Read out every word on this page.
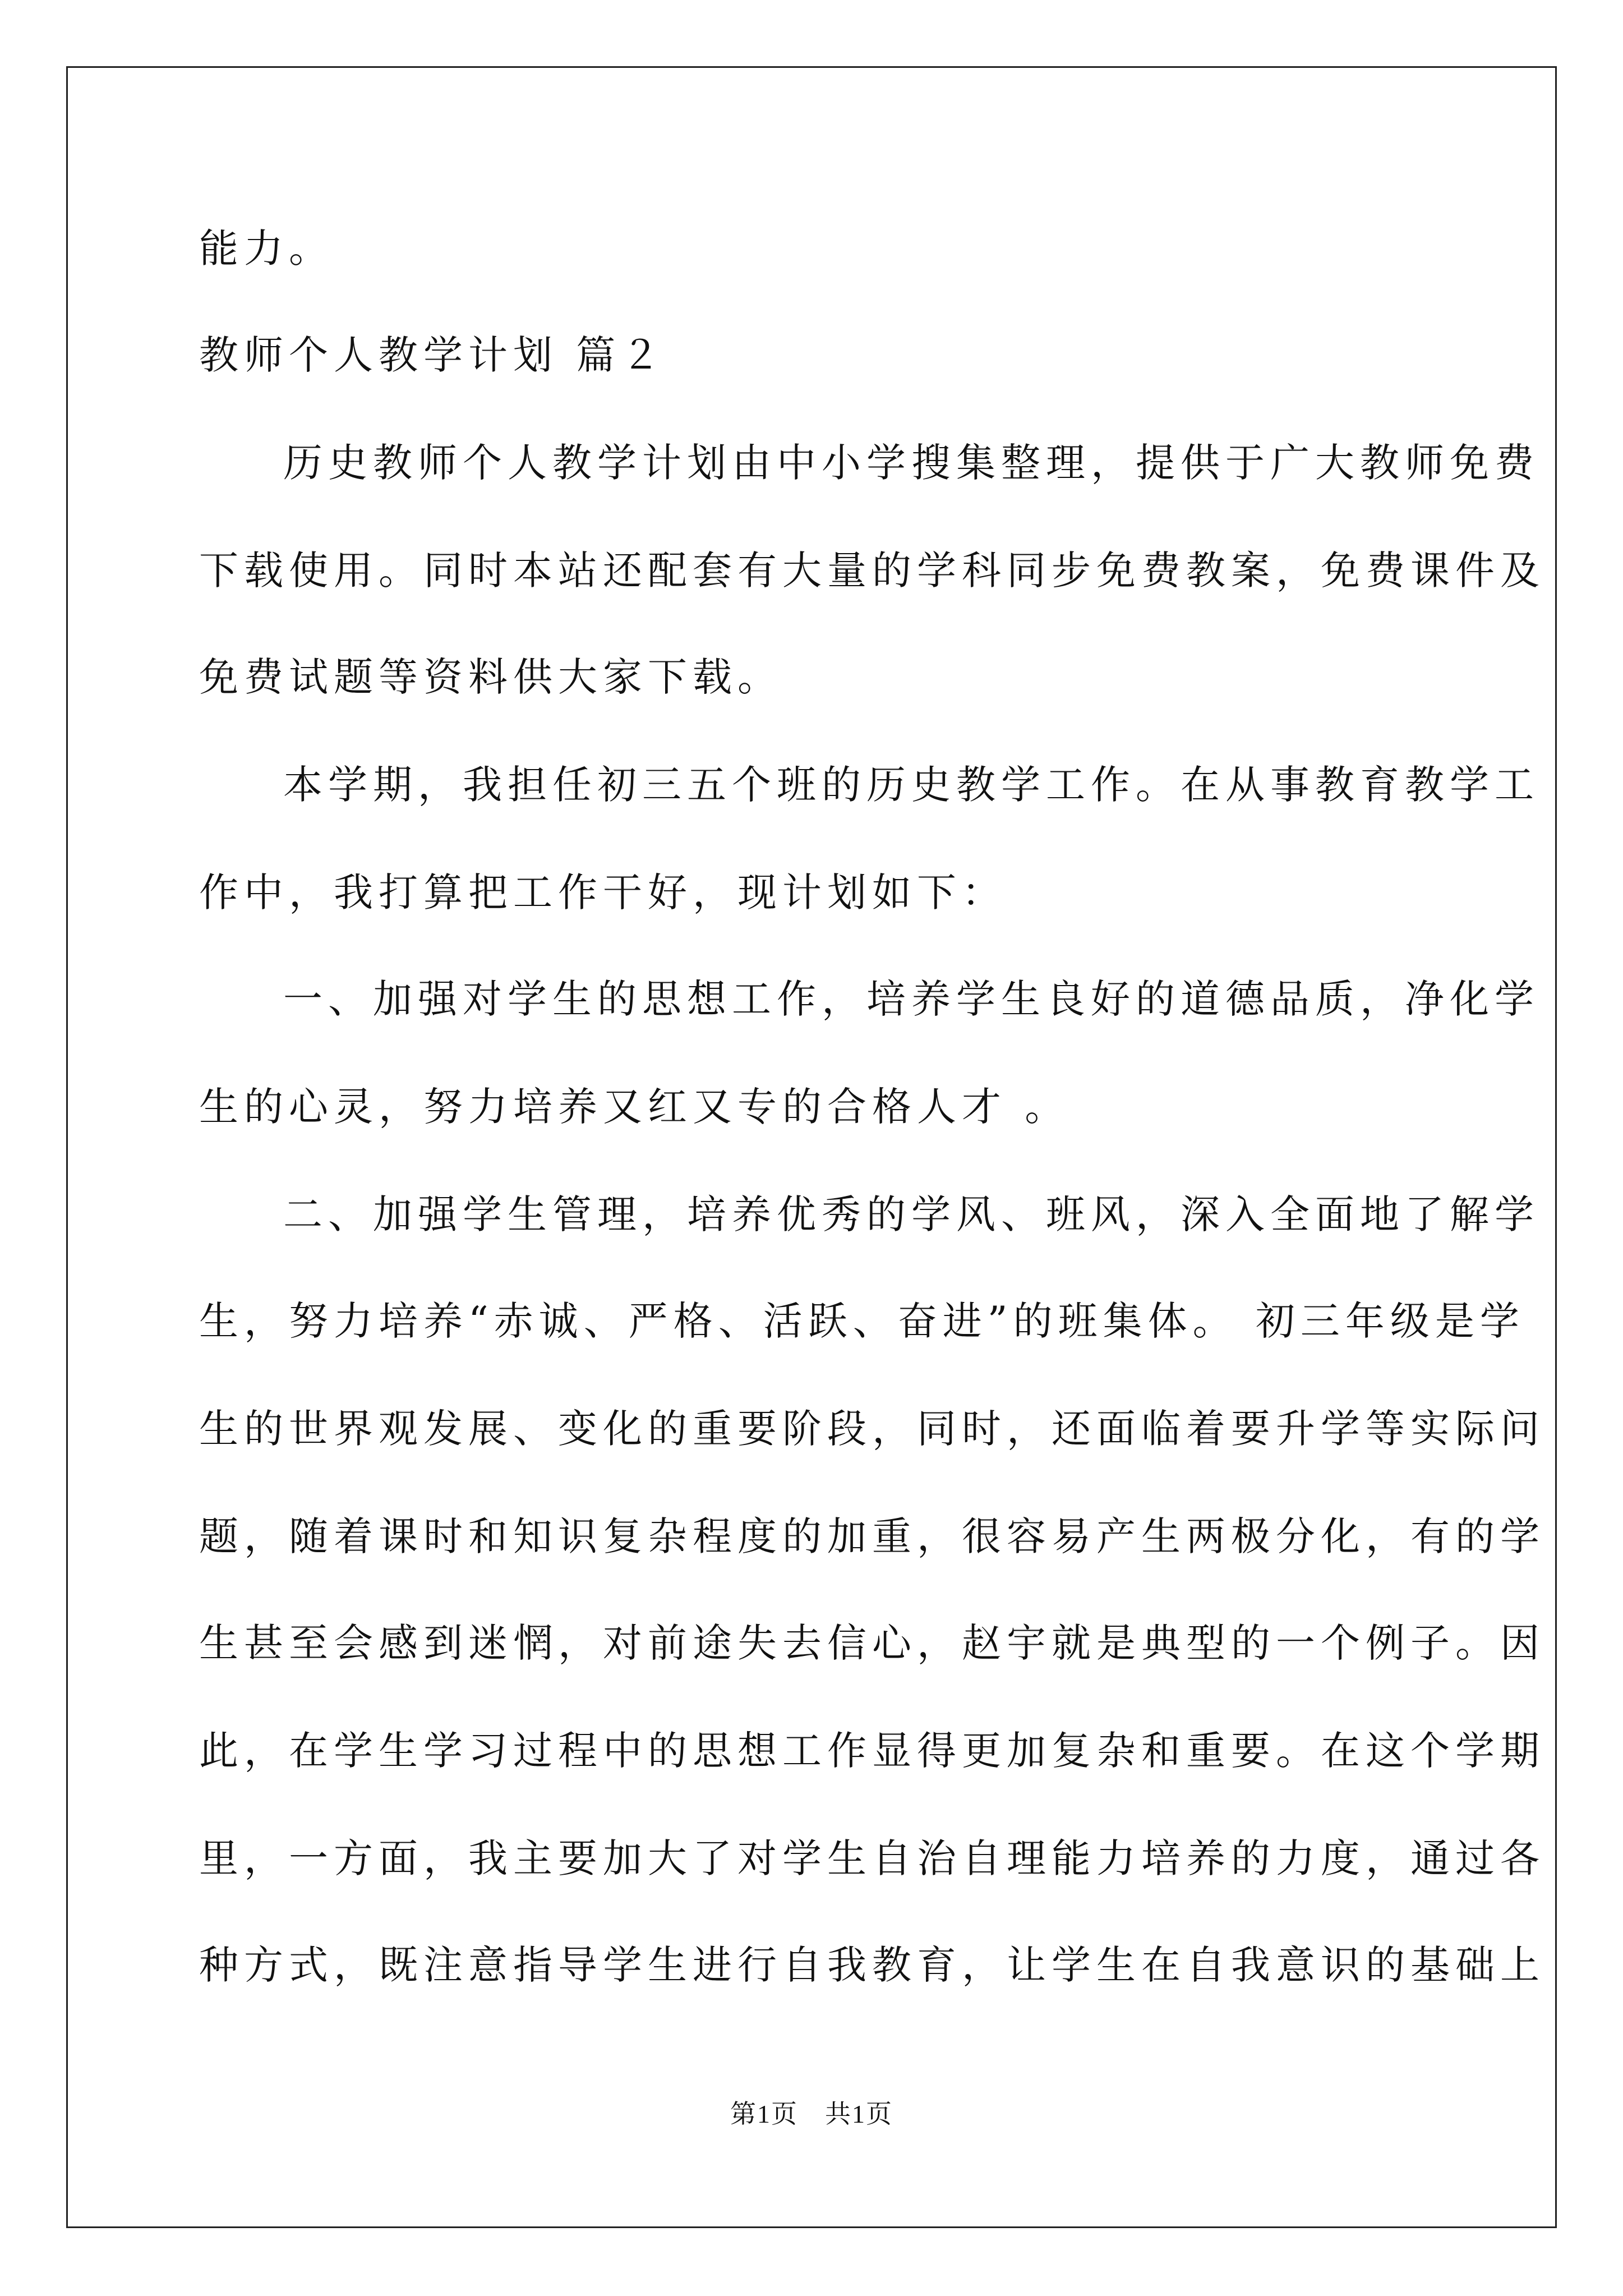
能力。
教师个人教学计划 篇２
历史教师个人教学计划由中小学搜集整理，提供于广大教师免费
下载使用。同时本站还配套有大量的学科同步免费教案，免费课件及
免费试题等资料供大家下载。
本学期，我担任初三五个班的历史教学工作。在从事教育教学工
作中，我打算把工作干好，现计划如下：
一、加强对学生的思想工作，培养学生良好的道德品质，净化学
生的心灵，努力培养又红又专的合格人才 。
二、加强学生管理，培养优秀的学风、班风，深入全面地了解学
生，努力培养“赤诚、严格、活跃、奋进”的班集体。 初三年级是学
生的世界观发展、变化的重要阶段，同时，还面临着要升学等实际问
题，随着课时和知识复杂程度的加重，很容易产生两极分化，有的学
生甚至会感到迷惘，对前途失去信心，赵宇就是典型的一个例子。因
此，在学生学习过程中的思想工作显得更加复杂和重要。在这个学期
里，一方面，我主要加大了对学生自治自理能力培养的力度，通过各
种方式，既注意指导学生进行自我教育，让学生在自我意识的基础上
第1页　共1页
